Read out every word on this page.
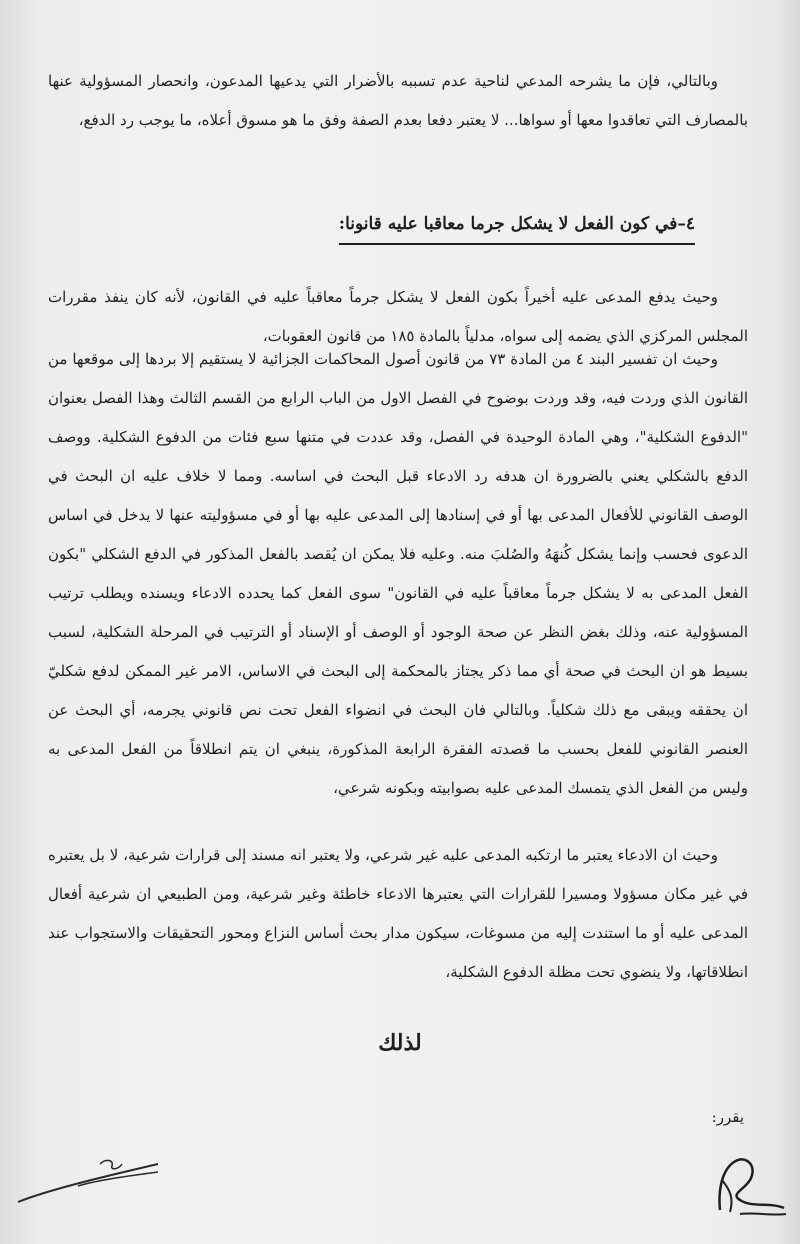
وبالتالي، فإن ما يشرحه المدعي لناحية عدم تسببه بالأضرار التي يدعيها المدعون، وانحصار المسؤولية عنها بالمصارف التي تعاقدوا معها أو سواها... لا يعتبر دفعا بعدم الصفة وفق ما هو مسوق أعلاه، ما يوجب رد الدفع،

٤–في كون الفعل لا يشكل جرما معاقبا عليه قانونا:

وحيث يدفع المدعى عليه أخيراً بكون الفعل لا يشكل جرماً معاقباً عليه في القانون، لأنه كان ينفذ مقررات المجلس المركزي الذي يضمه إلى سواه، مدلياً بالمادة ١٨٥ من قانون العقوبات،

وحيث ان تفسير البند ٤ من المادة ٧٣ من قانون أصول المحاكمات الجزائية لا يستقيم إلا بردها إلى موقعها من القانون الذي وردت فيه، وقد وردت بوضوح في الفصل الاول من الباب الرابع من القسم الثالث وهذا الفصل بعنوان "الدفوع الشكلية"، وهي المادة الوحيدة في الفصل، وقد عددت في متنها سبع فئات من الدفوع الشكلية. ووصف الدفع بالشكلي يعني بالضرورة ان هدفه رد الادعاء قبل البحث في اساسه. ومما لا خلاف عليه ان البحث في الوصف القانوني للأفعال المدعى بها أو في إسنادها إلى المدعى عليه بها أو في مسؤوليته عنها لا يدخل في اساس الدعوى فحسب وإنما يشكل كُنهَهُ والصُلبَ منه. وعليه فلا يمكن ان يُقصد بالفعل المذكور في الدفع الشكلي "بكون الفعل المدعى به لا يشكل جرماً معاقباً عليه في القانون" سوى الفعل كما يحدده الادعاء ويسنده ويطلب ترتيب المسؤولية عنه، وذلك بغض النظر عن صحة الوجود أو الوصف أو الإسناد أو الترتيب في المرحلة الشكلية، لسبب بسيط هو ان البحث في صحة أي مما ذكر يجتاز بالمحكمة إلى البحث في الاساس، الامر غير الممكن لدفع شكليّ ان يحققه ويبقى مع ذلك شكلياً. وبالتالي فان البحث في انضواء الفعل تحت نص قانوني يجرمه، أي البحث عن العنصر القانوني للفعل بحسب ما قصدته الفقرة الرابعة المذكورة، ينبغي ان يتم انطلاقاً من الفعل المدعى به وليس من الفعل الذي يتمسك المدعى عليه بصوابيته وبكونه شرعي،

وحيث ان الادعاء يعتبر ما ارتكبه المدعى عليه غير شرعي، ولا يعتبر انه مسند إلى قرارات شرعية، لا بل يعتبره في غير مكان مسؤولا ومسيرا للقرارات التي يعتبرها الادعاء خاطئة وغير شرعية، ومن الطبيعي ان شرعية أفعال المدعى عليه أو ما استندت إليه من مسوغات، سيكون مدار بحث أساس النزاع ومحور التحقيقات والاستجواب عند انطلاقاتها، ولا ينضوي تحت مظلة الدفوع الشكلية،

لذلك
يقرر:
